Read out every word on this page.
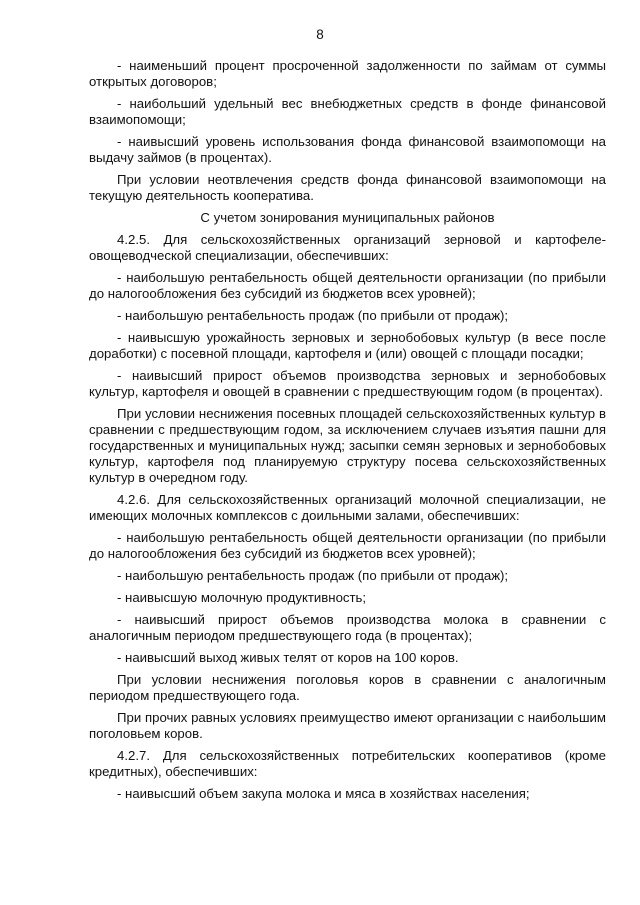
8

- наименьший процент просроченной задолженности по займам от суммы открытых договоров;

- наибольший удельный вес внебюджетных средств в фонде финансовой взаимопомощи;

- наивысший уровень использования фонда финансовой взаимопомощи на выдачу займов (в процентах).

При условии неотвлечения средств фонда финансовой взаимопомощи на текущую деятельность кооператива.

С учетом зонирования муниципальных районов

4.2.5. Для сельскохозяйственных организаций зерновой и картофеле-овощеводческой специализации, обеспечивших:

- наибольшую рентабельность общей деятельности организации (по прибыли до налогообложения без субсидий из бюджетов всех уровней);

- наибольшую рентабельность продаж (по прибыли от продаж);

- наивысшую урожайность зерновых и зернобобовых культур (в весе после доработки) с посевной площади, картофеля и (или) овощей с площади посадки;

- наивысший прирост объемов производства зерновых и зернобобовых культур, картофеля и овощей в сравнении с предшествующим годом (в процентах).

При условии неснижения посевных площадей сельскохозяйственных культур в сравнении с предшествующим годом, за исключением случаев изъятия пашни для государственных и муниципальных нужд; засыпки семян зерновых и зернобобовых культур, картофеля под планируемую структуру посева сельскохозяйственных культур в очередном году.

4.2.6. Для сельскохозяйственных организаций молочной специализации, не имеющих молочных комплексов с доильными залами, обеспечивших:

- наибольшую рентабельность общей деятельности организации (по прибыли до налогообложения без субсидий из бюджетов всех уровней);

- наибольшую рентабельность продаж (по прибыли от продаж);

- наивысшую молочную продуктивность;

- наивысший прирост объемов производства молока в сравнении с аналогичным периодом предшествующего года (в процентах);

- наивысший выход живых телят от коров на 100 коров.

При условии неснижения поголовья коров в сравнении с аналогичным периодом предшествующего года.

При прочих равных условиях преимущество имеют организации с наибольшим поголовьем коров.

4.2.7. Для сельскохозяйственных потребительских кооперативов (кроме кредитных), обеспечивших:

- наивысший объем закупа молока и мяса в хозяйствах населения;
